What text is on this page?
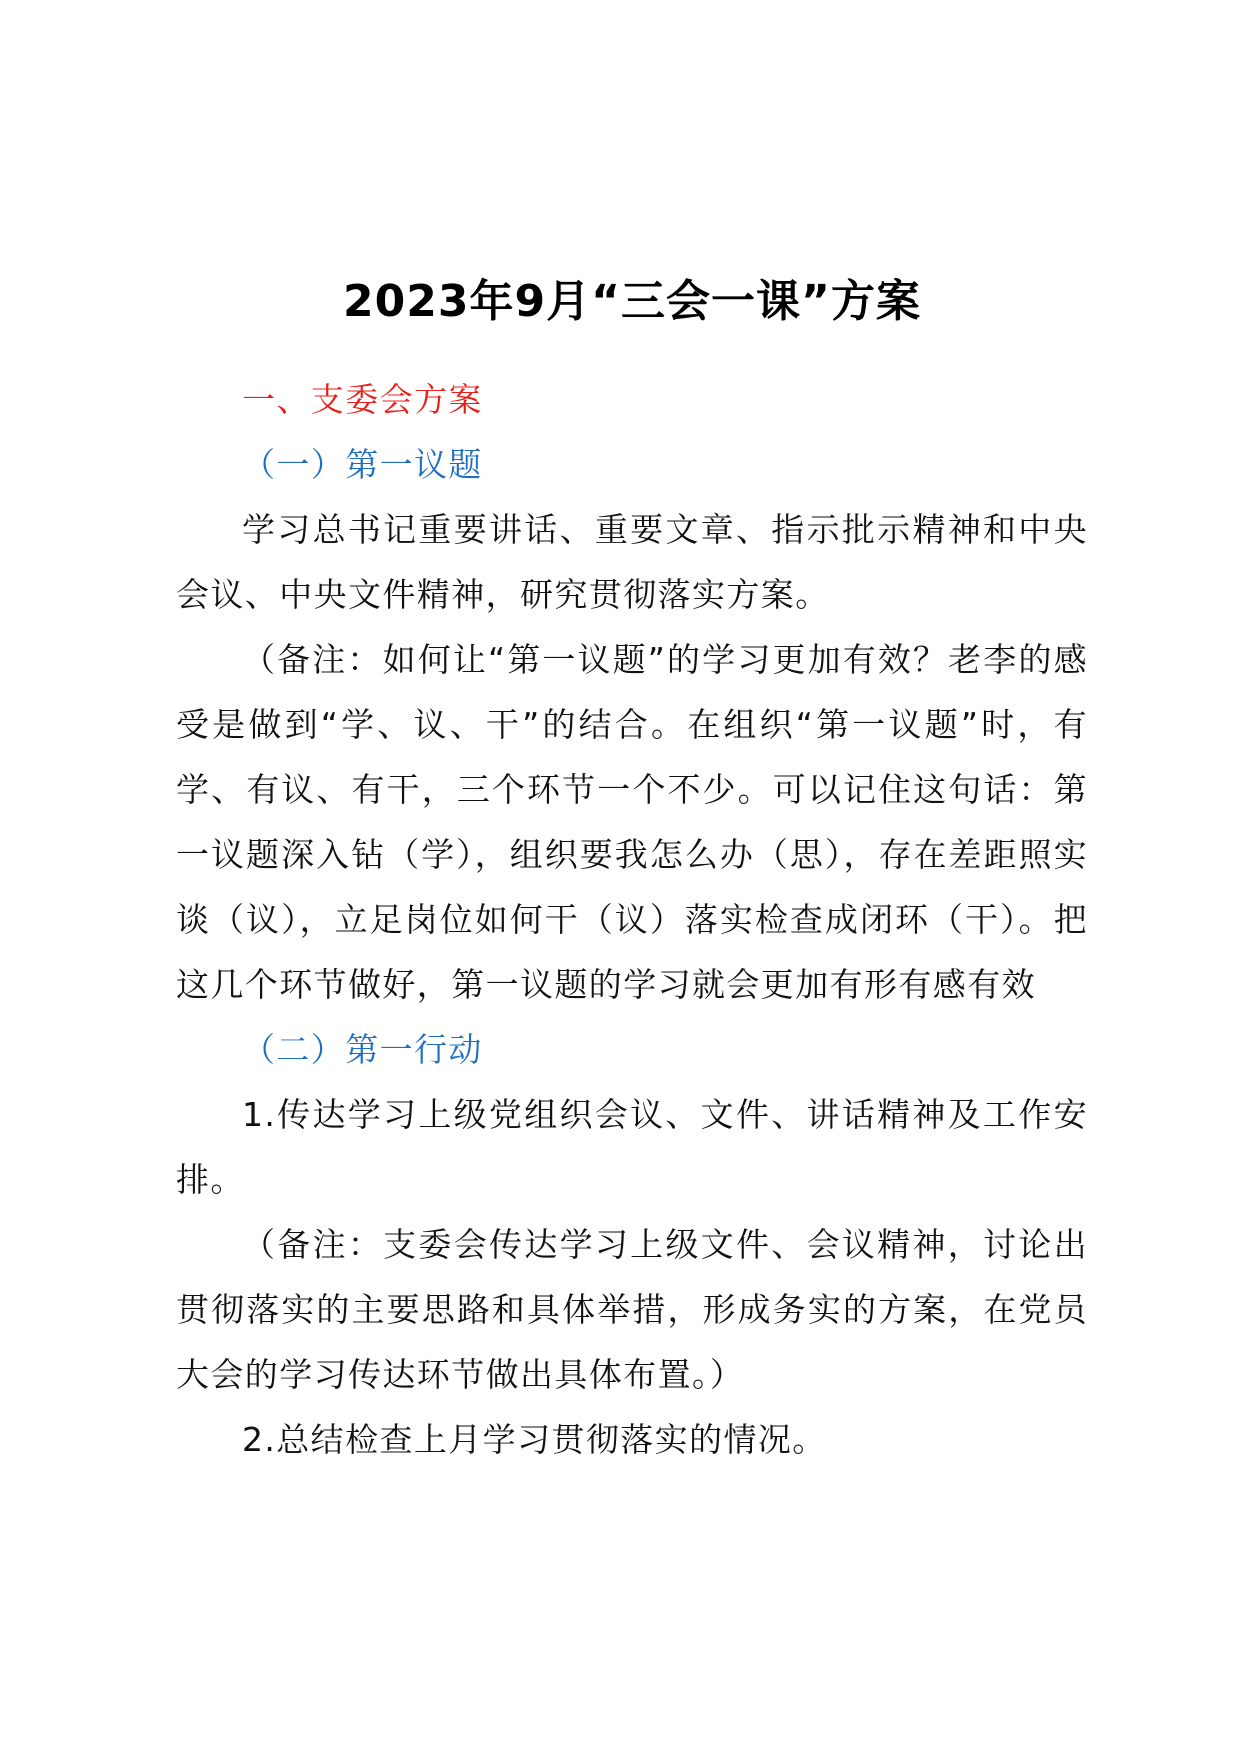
2023年9月“三会一课”方案

一、支委会方案

（一）第一议题

学习总书记重要讲话、重要文章、指示批示精神和中央会议、中央文件精神，研究贯彻落实方案。

（备注：如何让“第一议题”的学习更加有效？老李的感受是做到“学、议、干”的结合。在组织“第一议题”时，有学、有议、有干，三个环节一个不少。可以记住这句话：第一议题深入钻（学），组织要我怎么办（思），存在差距照实谈（议），立足岗位如何干（议）落实检查成闭环（干）。把这几个环节做好，第一议题的学习就会更加有形有感有效

（二）第一行动

1.传达学习上级党组织会议、文件、讲话精神及工作安排。

（备注：支委会传达学习上级文件、会议精神，讨论出贯彻落实的主要思路和具体举措，形成务实的方案，在党员大会的学习传达环节做出具体布置。）

2.总结检查上月学习贯彻落实的情况。
